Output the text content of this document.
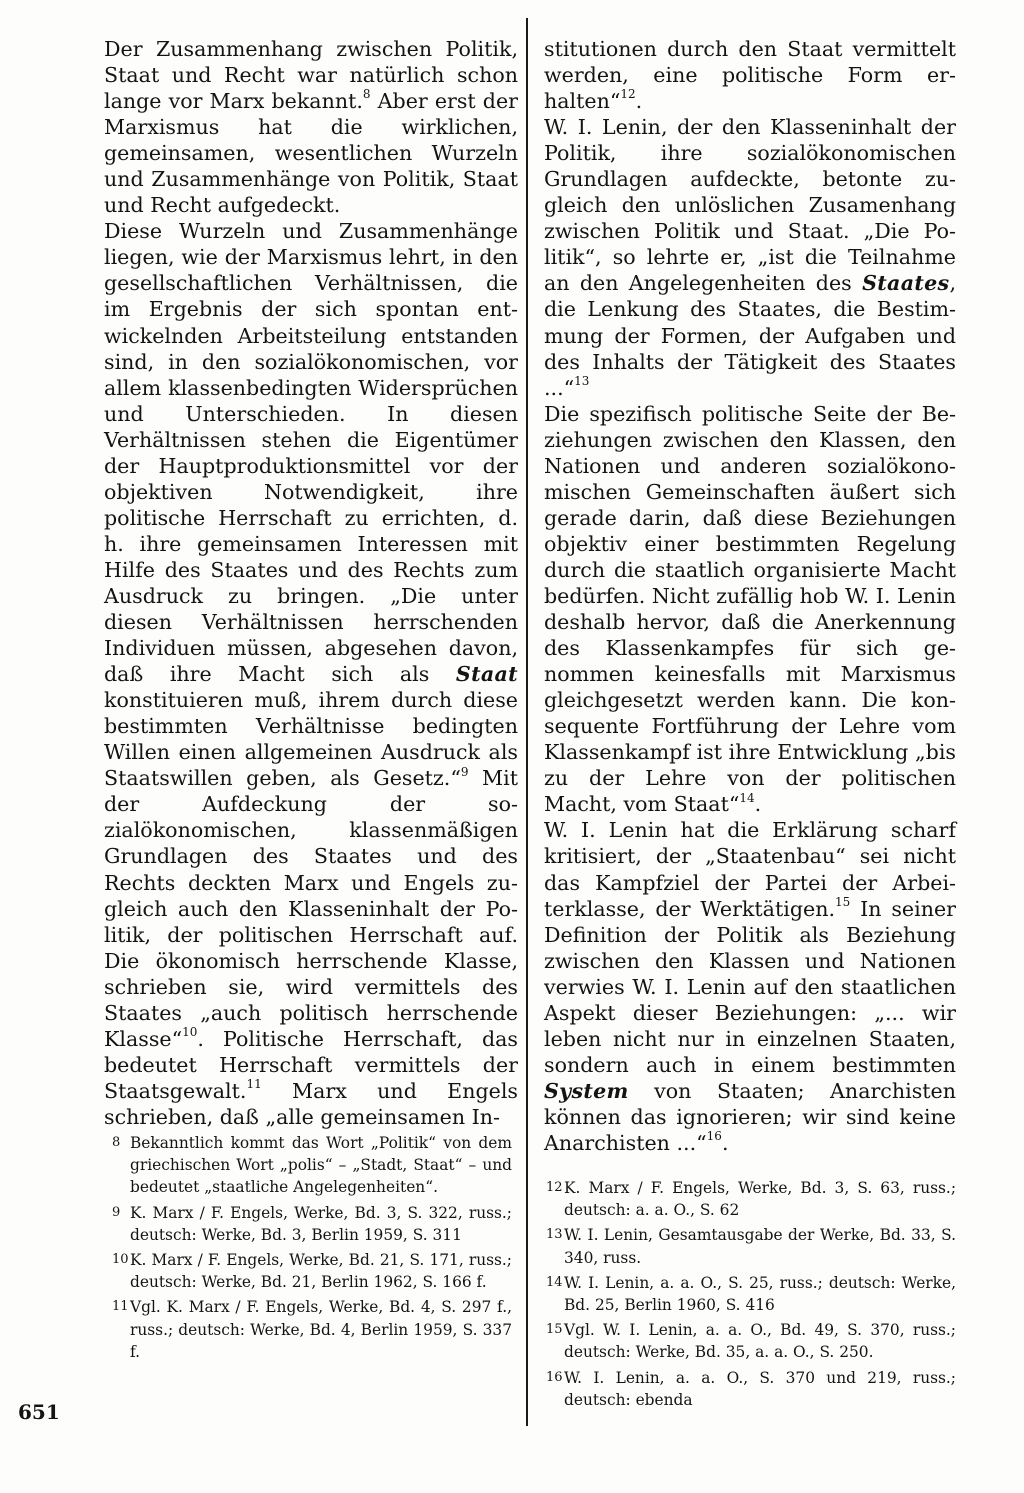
Der Zusammenhang zwischen Politik, Staat und Recht war natürlich schon lange vor Marx bekannt.$^8$ Aber erst der Marxismus hat die wirklichen, gemeinsamen, wesentlichen Wurzeln und Zusammenhänge von Politik, Staat und Recht aufgedeckt.

Diese Wurzeln und Zusammenhänge liegen, wie der Marxismus lehrt, in den gesellschaftlichen Verhältnissen, die im Ergebnis der sich spontan entwickelnden Arbeitsteilung entstanden sind, in den sozialökonomischen, vor allem klassenbedingten Widersprüchen und Unterschieden. In diesen Verhältnissen stehen die Eigentümer der Hauptproduktionsmittel vor der objektiven Notwendigkeit, ihre politische Herrschaft zu errichten, d. h. ihre gemeinsamen Interessen mit Hilfe des Staates und des Rechts zum Ausdruck zu bringen. „Die unter diesen Verhältnissen herrschenden Individuen müssen, abgesehen davon, daß ihre Macht sich als Staat konstituieren muß, ihrem durch diese bestimmten Verhältnisse bedingten Willen einen allgemeinen Ausdruck als Staatswillen geben, als Gesetz.“$^9$ Mit der Aufdeckung der sozialökonomischen, klassenmäßigen Grundlagen des Staates und des Rechts deckten Marx und Engels zugleich auch den Klasseninhalt der Politik, der politischen Herrschaft auf. Die ökonomisch herrschende Klasse, schrieben sie, wird vermittels des Staates „auch politisch herrschende Klasse“$^{10}$. Politische Herrschaft, das bedeutet Herrschaft vermittels der Staatsgewalt.$^{11}$ Marx und Engels schrieben, daß „alle gemeinsamen In-

stitutionen durch den Staat vermittelt werden, eine politische Form erhalten“$^{12}$.

W. I. Lenin, der den Klasseninhalt der Politik, ihre sozialökonomischen Grundlagen aufdeckte, betonte zugleich den unlöslichen Zusamenhang zwischen Politik und Staat. „Die Politik“, so lehrte er, „ist die Teilnahme an den Angelegenheiten des Staates, die Lenkung des Staates, die Bestimmung der Formen, der Aufgaben und des Inhalts der Tätigkeit des Staates ...“$^{13}$

Die spezifisch politische Seite der Beziehungen zwischen den Klassen, den Nationen und anderen sozialökonomischen Gemeinschaften äußert sich gerade darin, daß diese Beziehungen objektiv einer bestimmten Regelung durch die staatlich organisierte Macht bedürfen. Nicht zufällig hob W. I. Lenin deshalb hervor, daß die Anerkennung des Klassenkampfes für sich genommen keinesfalls mit Marxismus gleichgesetzt werden kann. Die konsequente Fortführung der Lehre vom Klassenkampf ist ihre Entwicklung „bis zu der Lehre von der politischen Macht, vom Staat“$^{14}$.

W. I. Lenin hat die Erklärung scharf kritisiert, der „Staatenbau“ sei nicht das Kampfziel der Partei der Arbeiterklasse, der Werktätigen.$^{15}$ In seiner Definition der Politik als Beziehung zwischen den Klassen und Nationen verwies W. I. Lenin auf den staatlichen Aspekt dieser Beziehungen: „... wir leben nicht nur in einzelnen Staaten, sondern auch in einem bestimmten System von Staaten; Anarchisten können das ignorieren; wir sind keine Anarchisten ...“$^{16}$.

8 Bekanntlich kommt das Wort „Politik“ von dem griechischen Wort „polis“ – „Stadt, Staat“ – und bedeutet „staatliche Angelegenheiten“.
9 K. Marx / F. Engels, Werke, Bd. 3, S. 322, russ.; deutsch: Werke, Bd. 3, Berlin 1959, S. 311
10 K. Marx / F. Engels, Werke, Bd. 21, S. 171, russ.; deutsch: Werke, Bd. 21, Berlin 1962, S. 166 f.
11 Vgl. K. Marx / F. Engels, Werke, Bd. 4, S. 297 f., russ.; deutsch: Werke, Bd. 4, Berlin 1959, S. 337 f.
12 K. Marx / F. Engels, Werke, Bd. 3, S. 63, russ.; deutsch: a. a. O., S. 62
13 W. I. Lenin, Gesamtausgabe der Werke, Bd. 33, S. 340, russ.
14 W. I. Lenin, a. a. O., S. 25, russ.; deutsch: Werke, Bd. 25, Berlin 1960, S. 416
15 Vgl. W. I. Lenin, a. a. O., Bd. 49, S. 370, russ.; deutsch: Werke, Bd. 35, a. a. O., S. 250.
16 W. I. Lenin, a. a. O., S. 370 und 219, russ.; deutsch: ebenda
651
